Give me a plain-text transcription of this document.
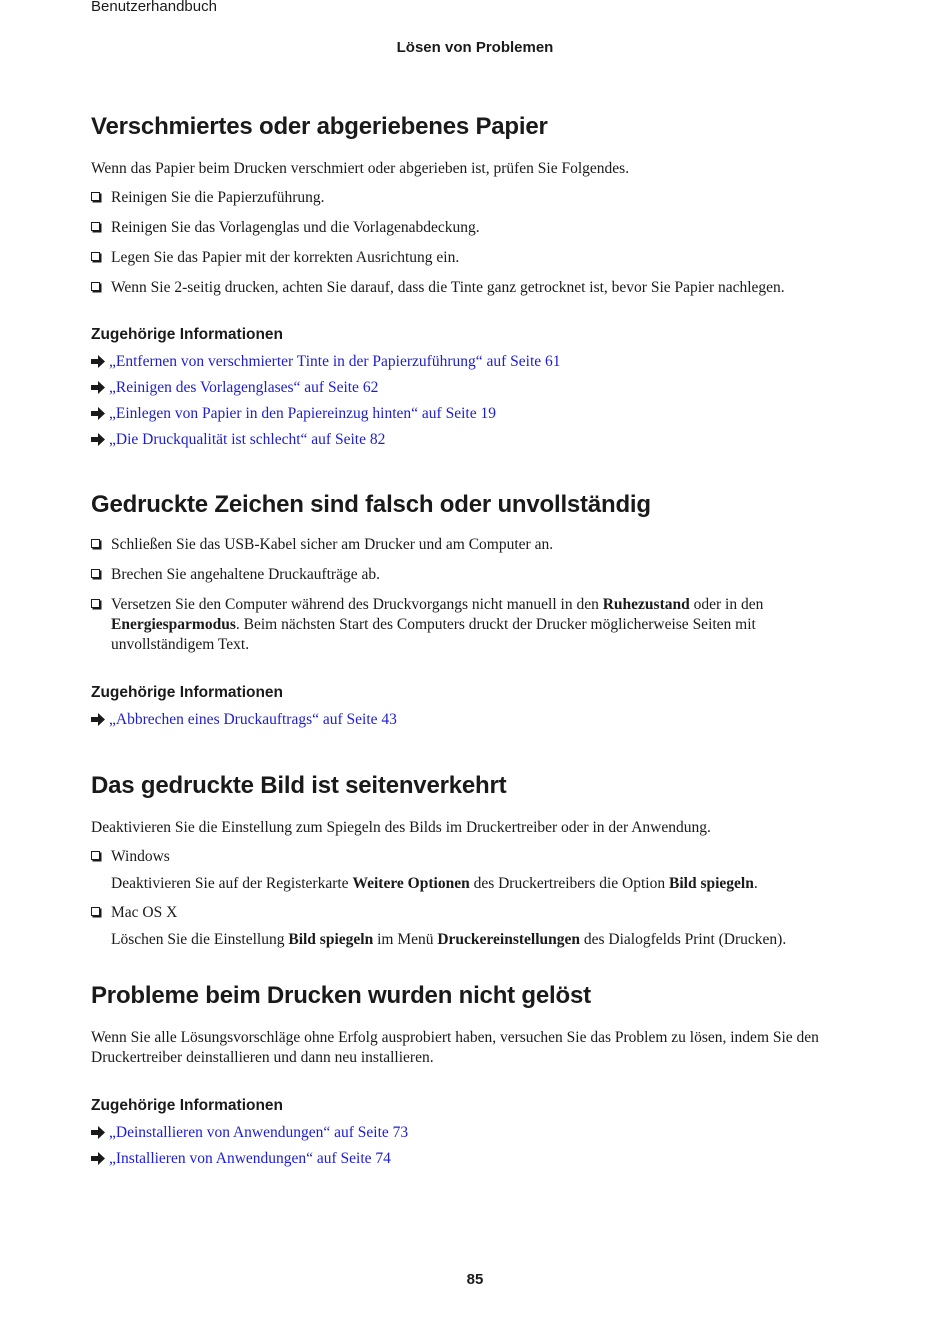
Benutzerhandbuch
Lösen von Problemen
Verschmiertes oder abgeriebenes Papier

Wenn das Papier beim Drucken verschmiert oder abgerieben ist, prüfen Sie Folgendes.

Reinigen Sie die Papierzuführung.
Reinigen Sie das Vorlagenglas und die Vorlagenabdeckung.
Legen Sie das Papier mit der korrekten Ausrichtung ein.
Wenn Sie 2-seitig drucken, achten Sie darauf, dass die Tinte ganz getrocknet ist, bevor Sie Papier nachlegen.
Zugehörige Informationen
„Entfernen von verschmierter Tinte in der Papierzuführung“ auf Seite 61
„Reinigen des Vorlagenglases“ auf Seite 62
„Einlegen von Papier in den Papiereinzug hinten“ auf Seite 19
„Die Druckqualität ist schlecht“ auf Seite 82
Gedruckte Zeichen sind falsch oder unvollständig
Schließen Sie das USB-Kabel sicher am Drucker und am Computer an.
Brechen Sie angehaltene Druckaufträge ab.
Versetzen Sie den Computer während des Druckvorgangs nicht manuell in den Ruhezustand oder in den Energiesparmodus. Beim nächsten Start des Computers druckt der Drucker möglicherweise Seiten mit unvollständigem Text.
Zugehörige Informationen
„Abbrechen eines Druckauftrags“ auf Seite 43
Das gedruckte Bild ist seitenverkehrt

Deaktivieren Sie die Einstellung zum Spiegeln des Bilds im Druckertreiber oder in der Anwendung.

Windows
Deaktivieren Sie auf der Registerkarte Weitere Optionen des Druckertreibers die Option Bild spiegeln.
Mac OS X
Löschen Sie die Einstellung Bild spiegeln im Menü Druckereinstellungen des Dialogfelds Print (Drucken).
Probleme beim Drucken wurden nicht gelöst

Wenn Sie alle Lösungsvorschläge ohne Erfolg ausprobiert haben, versuchen Sie das Problem zu lösen, indem Sie den Druckertreiber deinstallieren und dann neu installieren.

Zugehörige Informationen
„Deinstallieren von Anwendungen“ auf Seite 73
„Installieren von Anwendungen“ auf Seite 74
85
